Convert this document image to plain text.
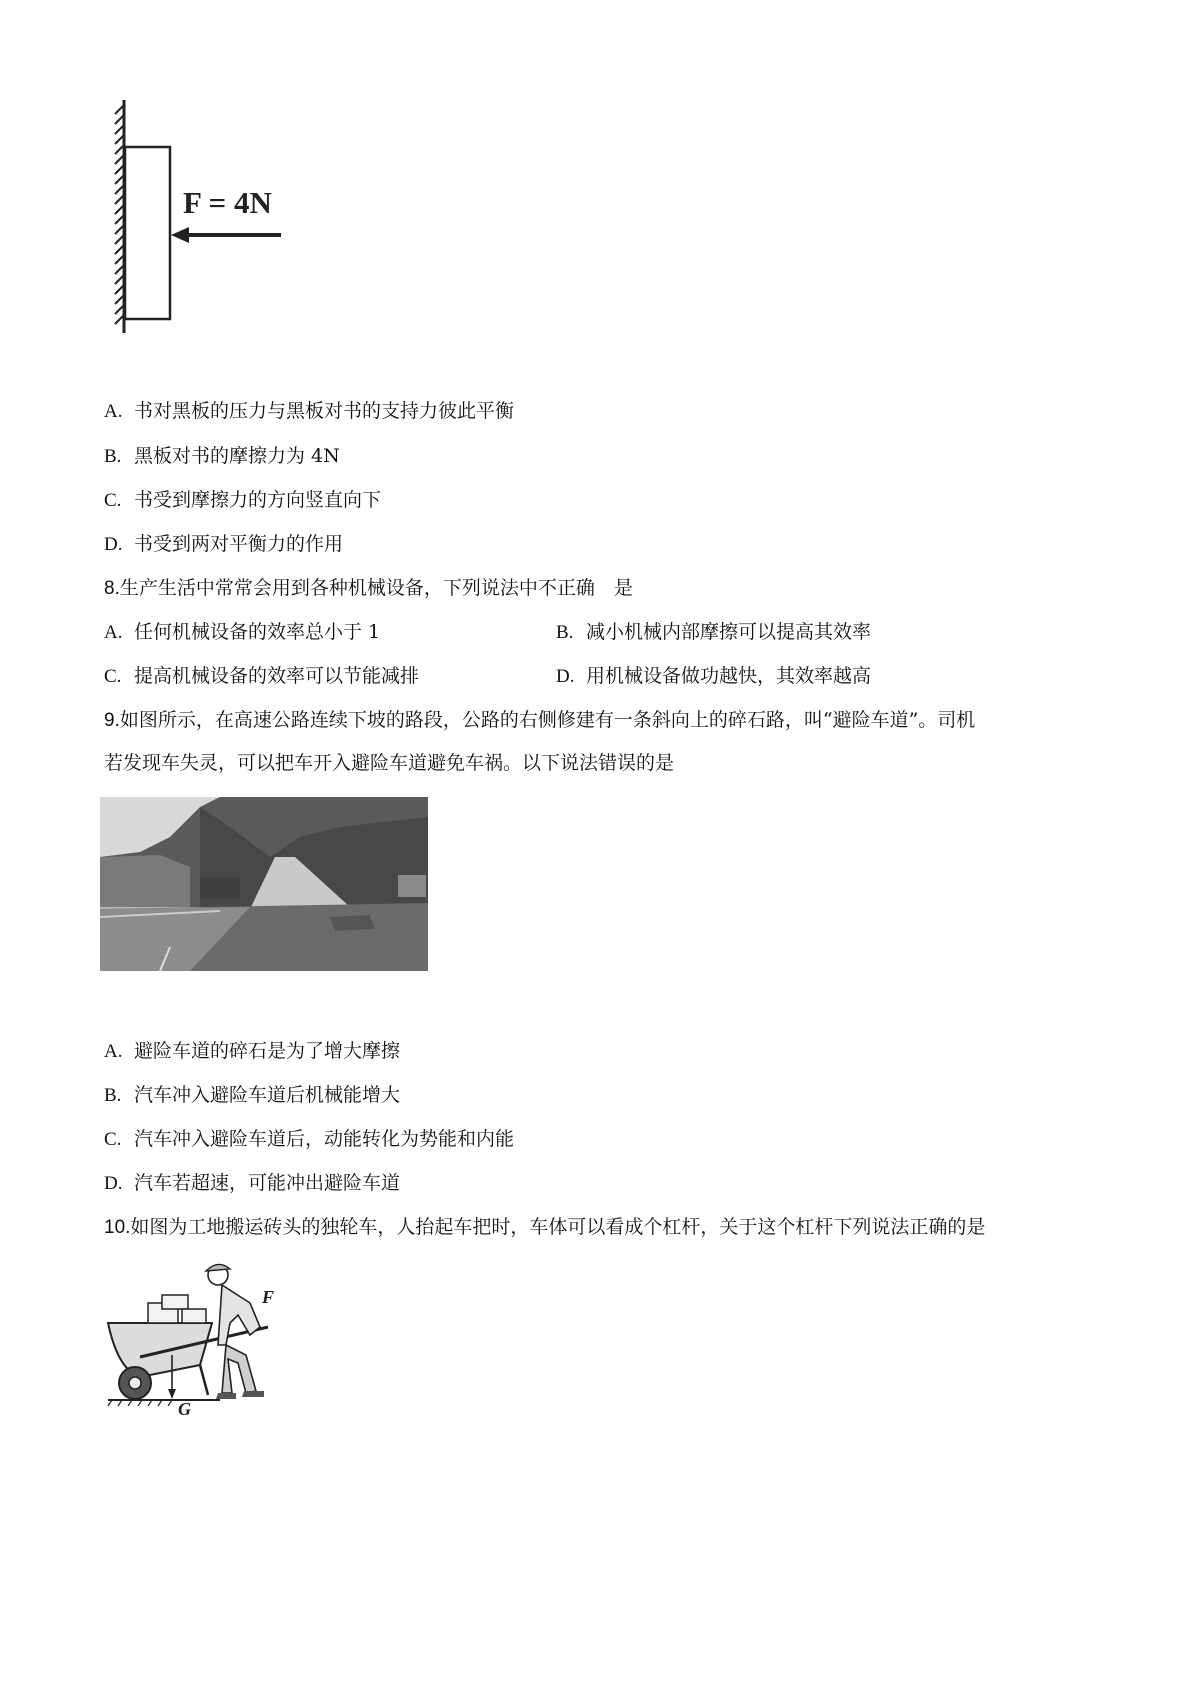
F = 4N
A. 书对黑板的压力与黑板对书的支持力彼此平衡
B. 黑板对书的摩擦力为 4N
C. 书受到摩擦力的方向竖直向下
D. 书受到两对平衡力的作用
8.生产生活中常常会用到各种机械设备，下列说法中不正确　是
A. 任何机械设备的效率总小于 1	B. 减小机械内部摩擦可以提高其效率
C. 提高机械设备的效率可以节能减排	D. 用机械设备做功越快，其效率越高
9.如图所示，在高速公路连续下坡的路段，公路的右侧修建有一条斜向上的碎石路，叫“避险车道”。司机
若发现车失灵，可以把车开入避险车道避免车祸。以下说法错误的是
A. 避险车道的碎石是为了增大摩擦
B. 汽车冲入避险车道后机械能增大
C. 汽车冲入避险车道后，动能转化为势能和内能
D. 汽车若超速，可能冲出避险车道
10.如图为工地搬运砖头的独轮车，人抬起车把时，车体可以看成个杠杆，关于这个杠杆下列说法正确的是
F
G
